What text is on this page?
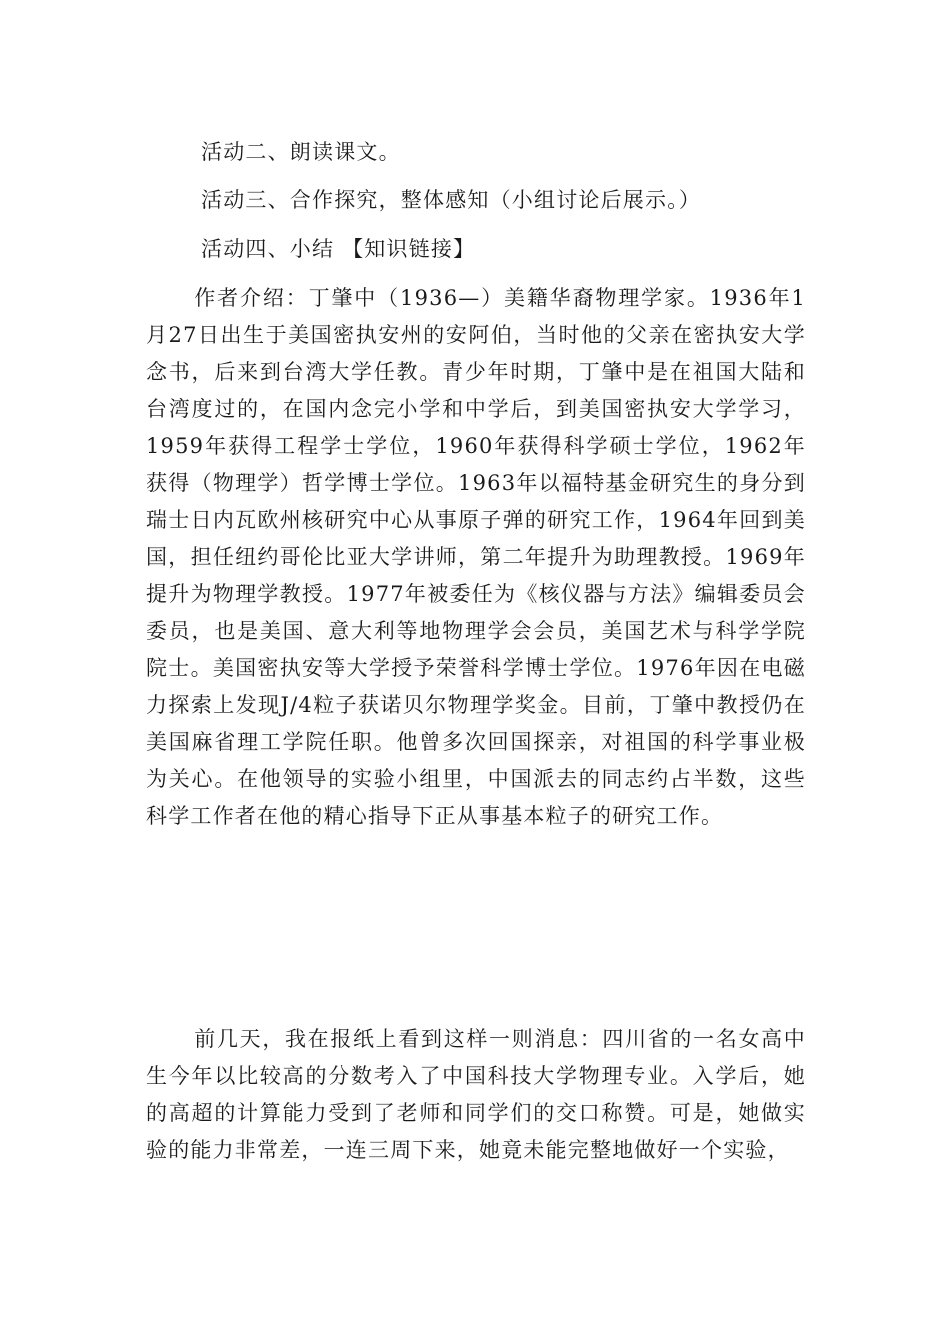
活动二、朗读课文。
活动三、合作探究，整体感知（小组讨论后展示。）
活动四、小结 【知识链接】

作者介绍：丁肇中（1936—）美籍华裔物理学家。1936年1月27日出生于美国密执安州的安阿伯，当时他的父亲在密执安大学念书，后来到台湾大学任教。青少年时期，丁肇中是在祖国大陆和台湾度过的，在国内念完小学和中学后，到美国密执安大学学习，1959年获得工程学士学位，1960年获得科学硕士学位，1962年获得（物理学）哲学博士学位。1963年以福特基金研究生的身分到瑞士日内瓦欧州核研究中心从事原子弹的研究工作，1964年回到美国，担任纽约哥伦比亚大学讲师，第二年提升为助理教授。1969年提升为物理学教授。1977年被委任为《核仪器与方法》编辑委员会委员，也是美国、意大利等地物理学会会员，美国艺术与科学学院院士。美国密执安等大学授予荣誉科学博士学位。1976年因在电磁力探索上发现J/4粒子获诺贝尔物理学奖金。目前，丁肇中教授仍在美国麻省理工学院任职。他曾多次回国探亲，对祖国的科学事业极为关心。在他领导的实验小组里，中国派去的同志约占半数，这些科学工作者在他的精心指导下正从事基本粒子的研究工作。

前几天，我在报纸上看到这样一则消息：四川省的一名女高中生今年以比较高的分数考入了中国科技大学物理专业。入学后，她的高超的计算能力受到了老师和同学们的交口称赞。可是，她做实验的能力非常差，一连三周下来，她竟未能完整地做好一个实验，
